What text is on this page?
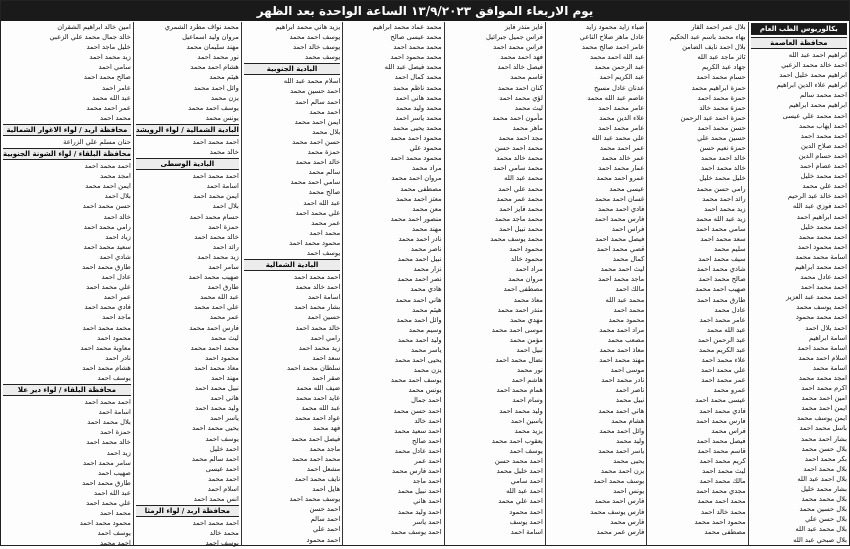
يوم الاربعاء الموافق ١٣/٩/٢٠٢٣ الساعة الواحدة بعد الظهر
بكالوريوس الطب العام
محافظة العاصمة
ابراهيم احمد عبد الله
احمد خالد محمد الزعبي
ابراهيم محمد خليل احمد
ابراهيم علاء الدين ابراهيم
احمد محمد سالم
ابراهيم محمد ابراهيم
احمد محمد علي عيسى
احمد ايهاب محمد
احمد محمد احمد
احمد صلاح الدين
احمد حسام الدين
احمد عصام احمد
احمد محمد خليل
احمد علي محمد
احمد خالد عبد الرحيم
احمد فوزي عبد الله
احمد ابراهيم احمد
احمد محمد خليل
احمد محمد محمد
احمد محمود احمد
اسامة محمد محمد
احمد محمد ابراهيم
احمد عادل محمد
احمد محمد احمد
احمد محمد عبد العزيز
احمد يوسف محمد
احمد محمد محمود
احمد بلال احمد
اسامة ابراهيم
اسامة محمد احمد
اسلام احمد محمد
اسامة محمد
امجد محمد محمد
اكرم محمد احمد
امين احمد محمد
ايمن احمد محمد
ايمن يوسف محمد
باسل محمد احمد
بشار احمد محمد
بلال حسن محمد
بكر محمد احمد
بلال محمد احمد
بلال احمد عبد الله
بشار محمد خليل
بلال محمد محمد
بلال حسين محمد
بلال حسن علي
بلال محمد عبد الله
بلال صبحي عبد الله
بلال عمر احمد القار
بهاء محمد باسم عبد الحكيم
بلال احمد نايف الضامن
ثائر ماجد عبد الله
جهاد عبد الكريم
حسام محمد احمد
حمزة ابراهيم محمد
حمزة محمد احمد
حمزة محمد خالد
حمزة احمد عبد الرحمن
حسن محمد احمد
حسين محمد علي
حمزة نعيم حسن
خالد احمد محمد
خالد محمد احمد
خليل محمد خليل
رامي حسن محمد
رائد احمد محمد
زيد محمد احمد
زيد عبد الله محمد
سامي محمد احمد
سعد محمد احمد
سليم محمد
سيف محمد احمد
شادي محمد احمد
صالح محمد احمد
صهيب احمد محمد
طارق محمد احمد
عادل محمد
عامر محمد احمد
عبد الله محمد
عبد الرحمن احمد
عبد الكريم محمد
علاء محمد احمد
علي محمد احمد
عمر محمد احمد
عمرو محمد
عيسى محمد احمد
فادي محمد احمد
فارس محمد احمد
فراس محمد
فيصل محمد احمد
قاسم محمد احمد
كريم محمد احمد
ليث محمد احمد
مالك محمد احمد
مجدي محمد احمد
محمد احمد محمد
محمد خالد احمد
محمود احمد محمد
مصطفى محمد
ضياء زايد محمود زايد
عادل ماهر صلاح الناعي
عامر احمد صالح محمد
عبد الله احمد محمد
عبد الرحمن محمد
عبد الكريم احمد
عدنان عادل مسيح
عاصم عبد الله محمد
عامر محمد احمد
علاء الدين محمد
عامر محمد احمد
علي محمد عبد الله
عمر احمد محمد
عمر خالد محمد
عمار محمد احمد
عمرو احمد محمد
عيسى محمد
غسان احمد محمد
فادي احمد محمد
فارس محمد احمد
فراس احمد
فيصل محمد احمد
قصي محمد احمد
كمال محمد
ليث احمد محمد
ماجد محمد احمد
مالك احمد
محمد عبد الله
محمد احمد
محمود محمد
مراد احمد محمد
مصعب محمد
معاذ احمد محمد
مهند محمد احمد
موسى احمد
نادر محمد احمد
ناصر احمد
نبيل محمد
هاني احمد محمد
هشام محمد
وائل احمد محمد
وليد محمد
ياسر احمد محمد
يحيى محمد
يزن احمد محمد
يوسف محمد احمد
يونس احمد
فارس احمد محمد
فارس يوسف محمد
فارس محمد
فارس عمر محمد
فايز منذر فايز
فراس جميل جبرائيل
فراس محمد احمد
فهد احمد محمد
فيصل خالد احمد
قاسم محمد
كنان احمد محمد
لؤي محمد احمد
ليث محمد
مأمون احمد محمد
ماهر محمد
مجد احمد محمد
محمد احمد حسن
محمد خالد محمد
محمد سامي احمد
محمد عبد الله
محمد علي احمد
محمد عمر محمد
محمد فايز احمد
محمد ماجد محمد
محمد نبيل احمد
محمد يوسف محمد
محمود احمد
محمود خالد
مراد احمد
مروان محمد
مصطفى احمد
معاذ محمد
منذر احمد محمد
مهدي محمد
موسى احمد محمد
مؤمن محمد
نبيل احمد
نضال محمد احمد
نور محمد
هاشم احمد
همام محمد احمد
وسام احمد
وليد محمد احمد
ياسين احمد
يزيد محمد
يعقوب احمد محمد
يوسف احمد
احمد محمد حسن
احمد خليل محمد
احمد سامي
احمد عبد الله
احمد علي محمد
احمد محمود
احمد يوسف
اسامة احمد
محمد عماد محمد ابراهيم
محمد عيسى صالح
محمد محمد احمد
محمد محمود احمد
محمد فيصل عبد الله
محمد كمال احمد
محمد ناظم محمد
محمد هاني احمد
محمد وليد محمد
محمد ياسر احمد
محمد يحيى محمد
محمود احمد محمد
محمود علي
محمود محمد احمد
مراد محمد
مروان احمد محمد
مصطفى محمد
معتز احمد محمد
معن محمد
منصور احمد محمد
مهند محمد
نادر احمد محمد
ناصر محمد
نبيل احمد محمد
نزار محمد
نصر احمد محمد
هادي محمد
هاني احمد محمد
هيثم محمد
وائل احمد محمد
وسيم محمد
وليد احمد محمد
ياسر محمد
يحيى احمد محمد
يزن محمد
يوسف احمد محمد
يونس محمد
احمد جمال
احمد حسن محمد
احمد خالد
احمد سعيد محمد
احمد صالح
احمد عادل محمد
احمد عمر
احمد فارس محمد
احمد ماجد
احمد نبيل محمد
احمد هاني
احمد وليد محمد
احمد ياسر
احمد يوسف محمد
يزيد هاني محمد ابراهيم
يوسف احمد محمد
يوسف خالد احمد
يوسف محمد
البادية الجنوبية
اسلام محمد عبد الله
احمد حسين محمد
احمد سالم احمد
احمد محمد
ايمن احمد محمد
بلال محمد
حسن احمد محمد
حمزة محمد
خالد احمد محمد
سالم محمد
سامي احمد محمد
صالح محمد
عبد الله احمد
علي محمد احمد
عمر محمد
محمد احمد
محمود محمد احمد
يوسف احمد
البادية الشمالية
احمد محمد احمد
احمد خالد محمد
اسامة احمد
بشار محمد احمد
حسين احمد
خالد محمد احمد
رامي احمد
زيد محمد احمد
سعد احمد
سلطان محمد احمد
صقر احمد
ضيف الله محمد
عايد احمد محمد
عبد الله محمد
عواد احمد محمد
فهد محمد
فيصل احمد محمد
ماجد محمد
محمد احمد محمد
مشعل احمد
نايف محمد احمد
هايل احمد
يوسف محمد احمد
احمد حسن
احمد سالم
احمد علي
احمد محمود
محمد نواف مطرد الشمري
مروان وليد اسماعيل
مهند سليمان محمد
نور محمد احمد
هشام احمد محمد
هيثم محمد
وائل احمد محمد
يزن محمد
يوسف احمد محمد
يونس محمد
البادية الشمالية / لواء الرويشد
احمد محمد احمد
خالد محمد
البادية الوسطى
احمد محمد احمد
اسامة احمد
ايمن محمد احمد
بلال احمد
حسام محمد احمد
حمزة احمد
خالد محمد احمد
رائد احمد
زيد محمد احمد
سامر احمد
صهيب محمد احمد
طارق احمد
عبد الله محمد
علي احمد محمد
عمر محمد
فارس احمد محمد
ليث محمد
محمد احمد محمد
محمود احمد
معاذ محمد احمد
مهند احمد
نبيل محمد احمد
هاني احمد
وليد محمد احمد
ياسر احمد
يحيى محمد احمد
يوسف احمد
احمد خليل
احمد سالم محمد
احمد عيسى
احمد محمد
اسلام احمد
انس محمد احمد
محافظة اربد / لواء الرمثا
احمد محمد احمد
محمد خالد
يوسف احمد
امين خالد ابراهيم الشقران
خالد جمال محمد علي الزعبي
خليل ماجد احمد
زيد محمد احمد
سامي احمد
صالح محمد احمد
عامر احمد
عبد الله محمد
عمر احمد محمد
محمد احمد
محافظة اربد / لواء الاغوار الشمالية
حنان مسلم علي الزراعة
محافظة البلقاء / لواء الشونة الجنوبية
احمد محمد احمد
امجد محمد
ايمن احمد محمد
بلال احمد
حسن محمد احمد
خالد احمد
رامي محمد احمد
زياد احمد
سعيد محمد احمد
شادي احمد
طارق محمد احمد
عادل احمد
علي محمد احمد
عمر احمد
فادي محمد احمد
ماجد احمد
محمد محمد احمد
محمود احمد
معاوية محمد احمد
نادر احمد
هشام محمد احمد
يوسف احمد
محافظة البلقاء / لواء دير علا
احمد محمد احمد
اسامة احمد
بلال محمد احمد
حمزة احمد
خالد محمد احمد
زيد احمد
سامر محمد احمد
صهيب احمد
طارق محمد احمد
عبد الله احمد
علي محمد احمد
محمد احمد
محمود محمد احمد
يوسف احمد
احمد محمد
